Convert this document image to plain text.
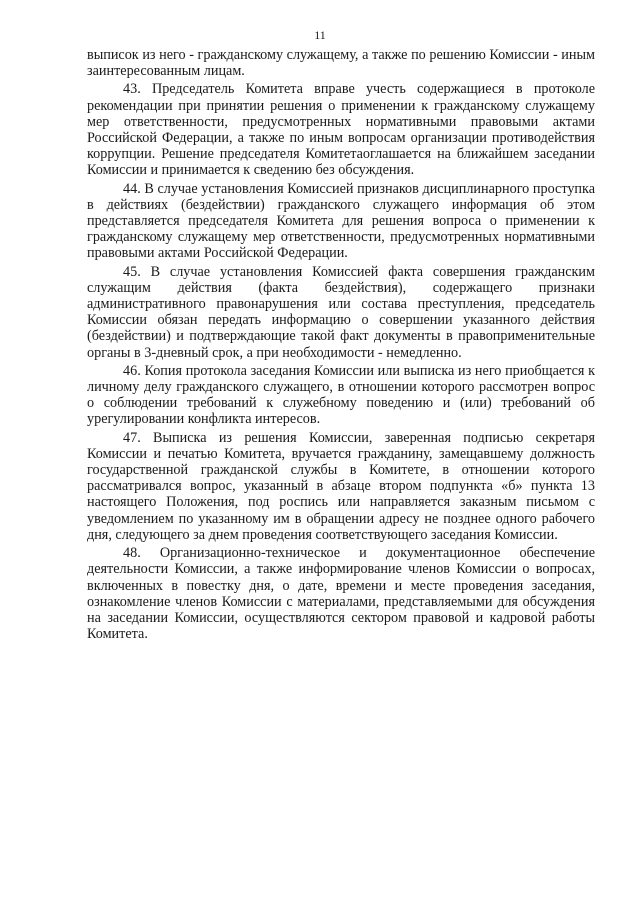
11

выписок из него - гражданскому служащему, а также по решению Комиссии - иным заинтересованным лицам.

43. Председатель Комитета вправе учесть содержащиеся в протоколе рекомендации при принятии решения о применении к гражданскому служащему мер ответственности, предусмотренных нормативными правовыми актами Российской Федерации, а также по иным вопросам организации противодействия коррупции. Решение председателя Комитетаоглашается на ближайшем заседании Комиссии и принимается к сведению без обсуждения.

44. В случае установления Комиссией признаков дисциплинарного проступка в действиях (бездействии) гражданского служащего информация об этом представляется председателя Комитета для решения вопроса о применении к гражданскому служащему мер ответственности, предусмотренных нормативными правовыми актами Российской Федерации.

45. В случае установления Комиссией факта совершения гражданским служащим действия (факта бездействия), содержащего признаки административного правонарушения или состава преступления, председатель Комиссии обязан передать информацию о совершении указанного действия (бездействии) и подтверждающие такой факт документы в правоприменительные органы в 3-дневный срок, а при необходимости - немедленно.

46. Копия протокола заседания Комиссии или выписка из него приобщается к личному делу гражданского служащего, в отношении которого рассмотрен вопрос о соблюдении требований к служебному поведению и (или) требований об урегулировании конфликта интересов.

47. Выписка из решения Комиссии, заверенная подписью секретаря Комиссии и печатью Комитета, вручается гражданину, замещавшему должность государственной гражданской службы в Комитете, в отношении которого рассматривался вопрос, указанный в абзаце втором подпункта «б» пункта 13 настоящего Положения, под роспись или направляется заказным письмом с уведомлением по указанному им в обращении адресу не позднее одного рабочего дня, следующего за днем проведения соответствующего заседания Комиссии.

48. Организационно-техническое и документационное обеспечение деятельности Комиссии, а также информирование членов Комиссии о вопросах, включенных в повестку дня, о дате, времени и месте проведения заседания, ознакомление членов Комиссии с материалами, представляемыми для обсуждения на заседании Комиссии, осуществляются сектором правовой и кадровой работы Комитета.
